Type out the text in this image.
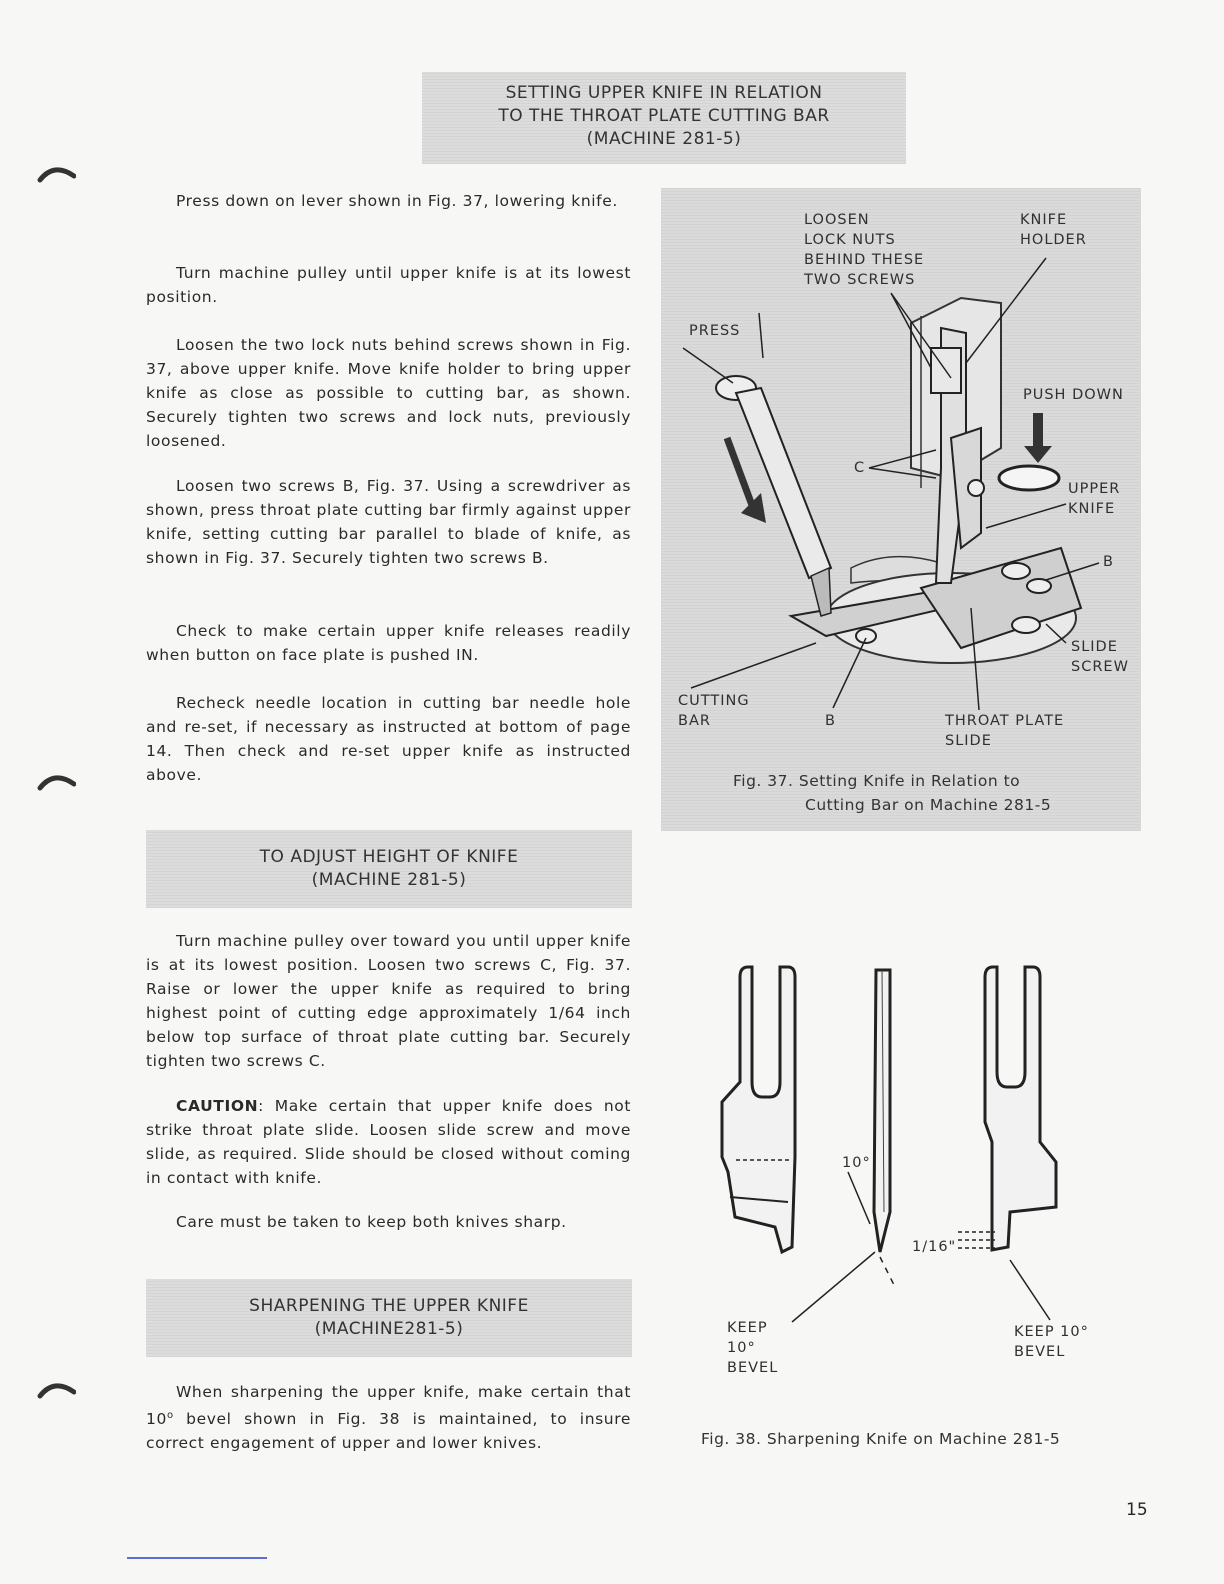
SETTING UPPER KNIFE IN RELATION
TO THE THROAT PLATE CUTTING BAR
(MACHINE 281-5)

Press down on lever shown in Fig. 37, lowering knife.

Turn machine pulley until upper knife is at its lowest position.

Loosen the two lock nuts behind screws shown in Fig. 37, above upper knife. Move knife holder to bring upper knife as close as possible to cutting bar, as shown. Securely tighten two screws and lock nuts, previously loosened.

Loosen two screws B, Fig. 37. Using a screwdriver as shown, press throat plate cutting bar firmly against upper knife, setting cutting bar parallel to blade of knife, as shown in Fig. 37. Securely tighten two screws B.

Check to make certain upper knife releases readily when button on face plate is pushed IN.

Recheck needle location in cutting bar needle hole and re-set, if necessary as instructed at bottom of page 14. Then check and re-set upper knife as instructed above.

TO ADJUST HEIGHT OF KNIFE
(MACHINE 281-5)

Turn machine pulley over toward you until upper knife is at its lowest position. Loosen two screws C, Fig. 37. Raise or lower the upper knife as required to bring highest point of cutting edge approximately 1/64 inch below top surface of throat plate cutting bar. Securely tighten two screws C.

CAUTION: Make certain that upper knife does not strike throat plate slide. Loosen slide screw and move slide, as required. Slide should be closed without coming in contact with knife.

Care must be taken to keep both knives sharp.

SHARPENING THE UPPER KNIFE
(MACHINE281-5)

When sharpening the upper knife, make certain that 10$^o$ bevel shown in Fig. 38 is maintained, to insure correct engagement of upper and lower knives.

LOOSEN
LOCK NUTS
BEHIND THESE
TWO SCREWS
KNIFE
HOLDER
PRESS
PUSH DOWN
C
UPPER
KNIFE
B
SLIDE
SCREW
CUTTING
BAR	B	THROAT PLATE
SLIDE
Fig. 37. Setting Knife in Relation to
Cutting Bar on Machine 281-5
10°
1/16"
KEEP
10°
BEVEL
KEEP 10°
BEVEL
Fig. 38. Sharpening Knife on Machine 281-5
15
